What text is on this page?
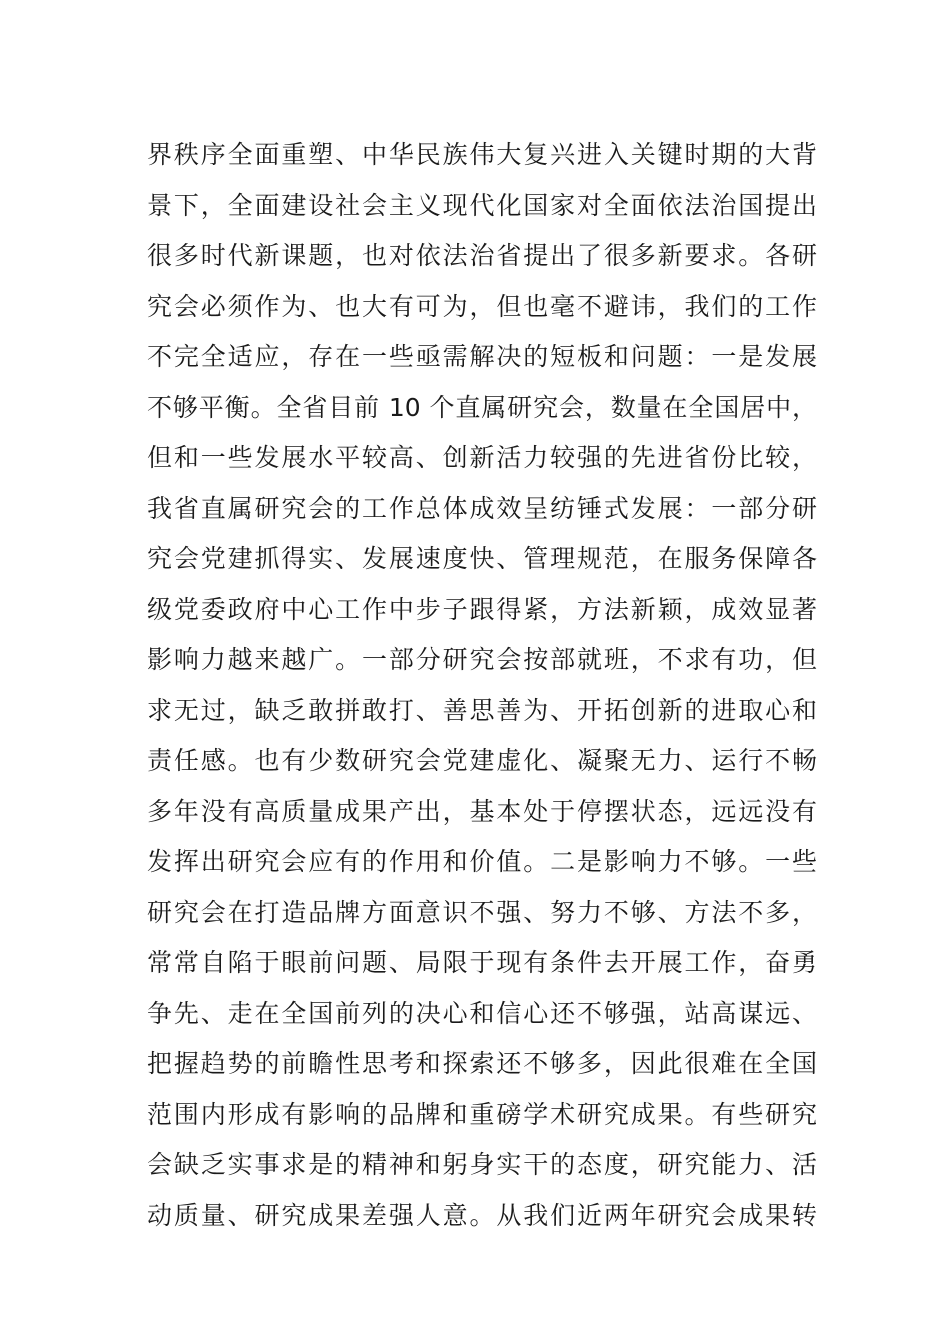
界秩序全面重塑、中华民族伟大复兴进入关键时期的大背
景下，全面建设社会主义现代化国家对全面依法治国提出
很多时代新课题，也对依法治省提出了很多新要求。各研
究会必须作为、也大有可为，但也毫不避讳，我们的工作
不完全适应，存在一些亟需解决的短板和问题：一是发展
不够平衡。全省目前 10 个直属研究会，数量在全国居中，
但和一些发展水平较高、创新活力较强的先进省份比较，
我省直属研究会的工作总体成效呈纺锤式发展：一部分研
究会党建抓得实、发展速度快、管理规范，在服务保障各
级党委政府中心工作中步子跟得紧，方法新颖，成效显著
影响力越来越广。一部分研究会按部就班，不求有功，但
求无过，缺乏敢拼敢打、善思善为、开拓创新的进取心和
责任感。也有少数研究会党建虚化、凝聚无力、运行不畅
多年没有高质量成果产出，基本处于停摆状态，远远没有
发挥出研究会应有的作用和价值。二是影响力不够。一些
研究会在打造品牌方面意识不强、努力不够、方法不多，
常常自陷于眼前问题、局限于现有条件去开展工作，奋勇
争先、走在全国前列的决心和信心还不够强，站高谋远、
把握趋势的前瞻性思考和探索还不够多，因此很难在全国
范围内形成有影响的品牌和重磅学术研究成果。有些研究
会缺乏实事求是的精神和躬身实干的态度，研究能力、活
动质量、研究成果差强人意。从我们近两年研究会成果转
